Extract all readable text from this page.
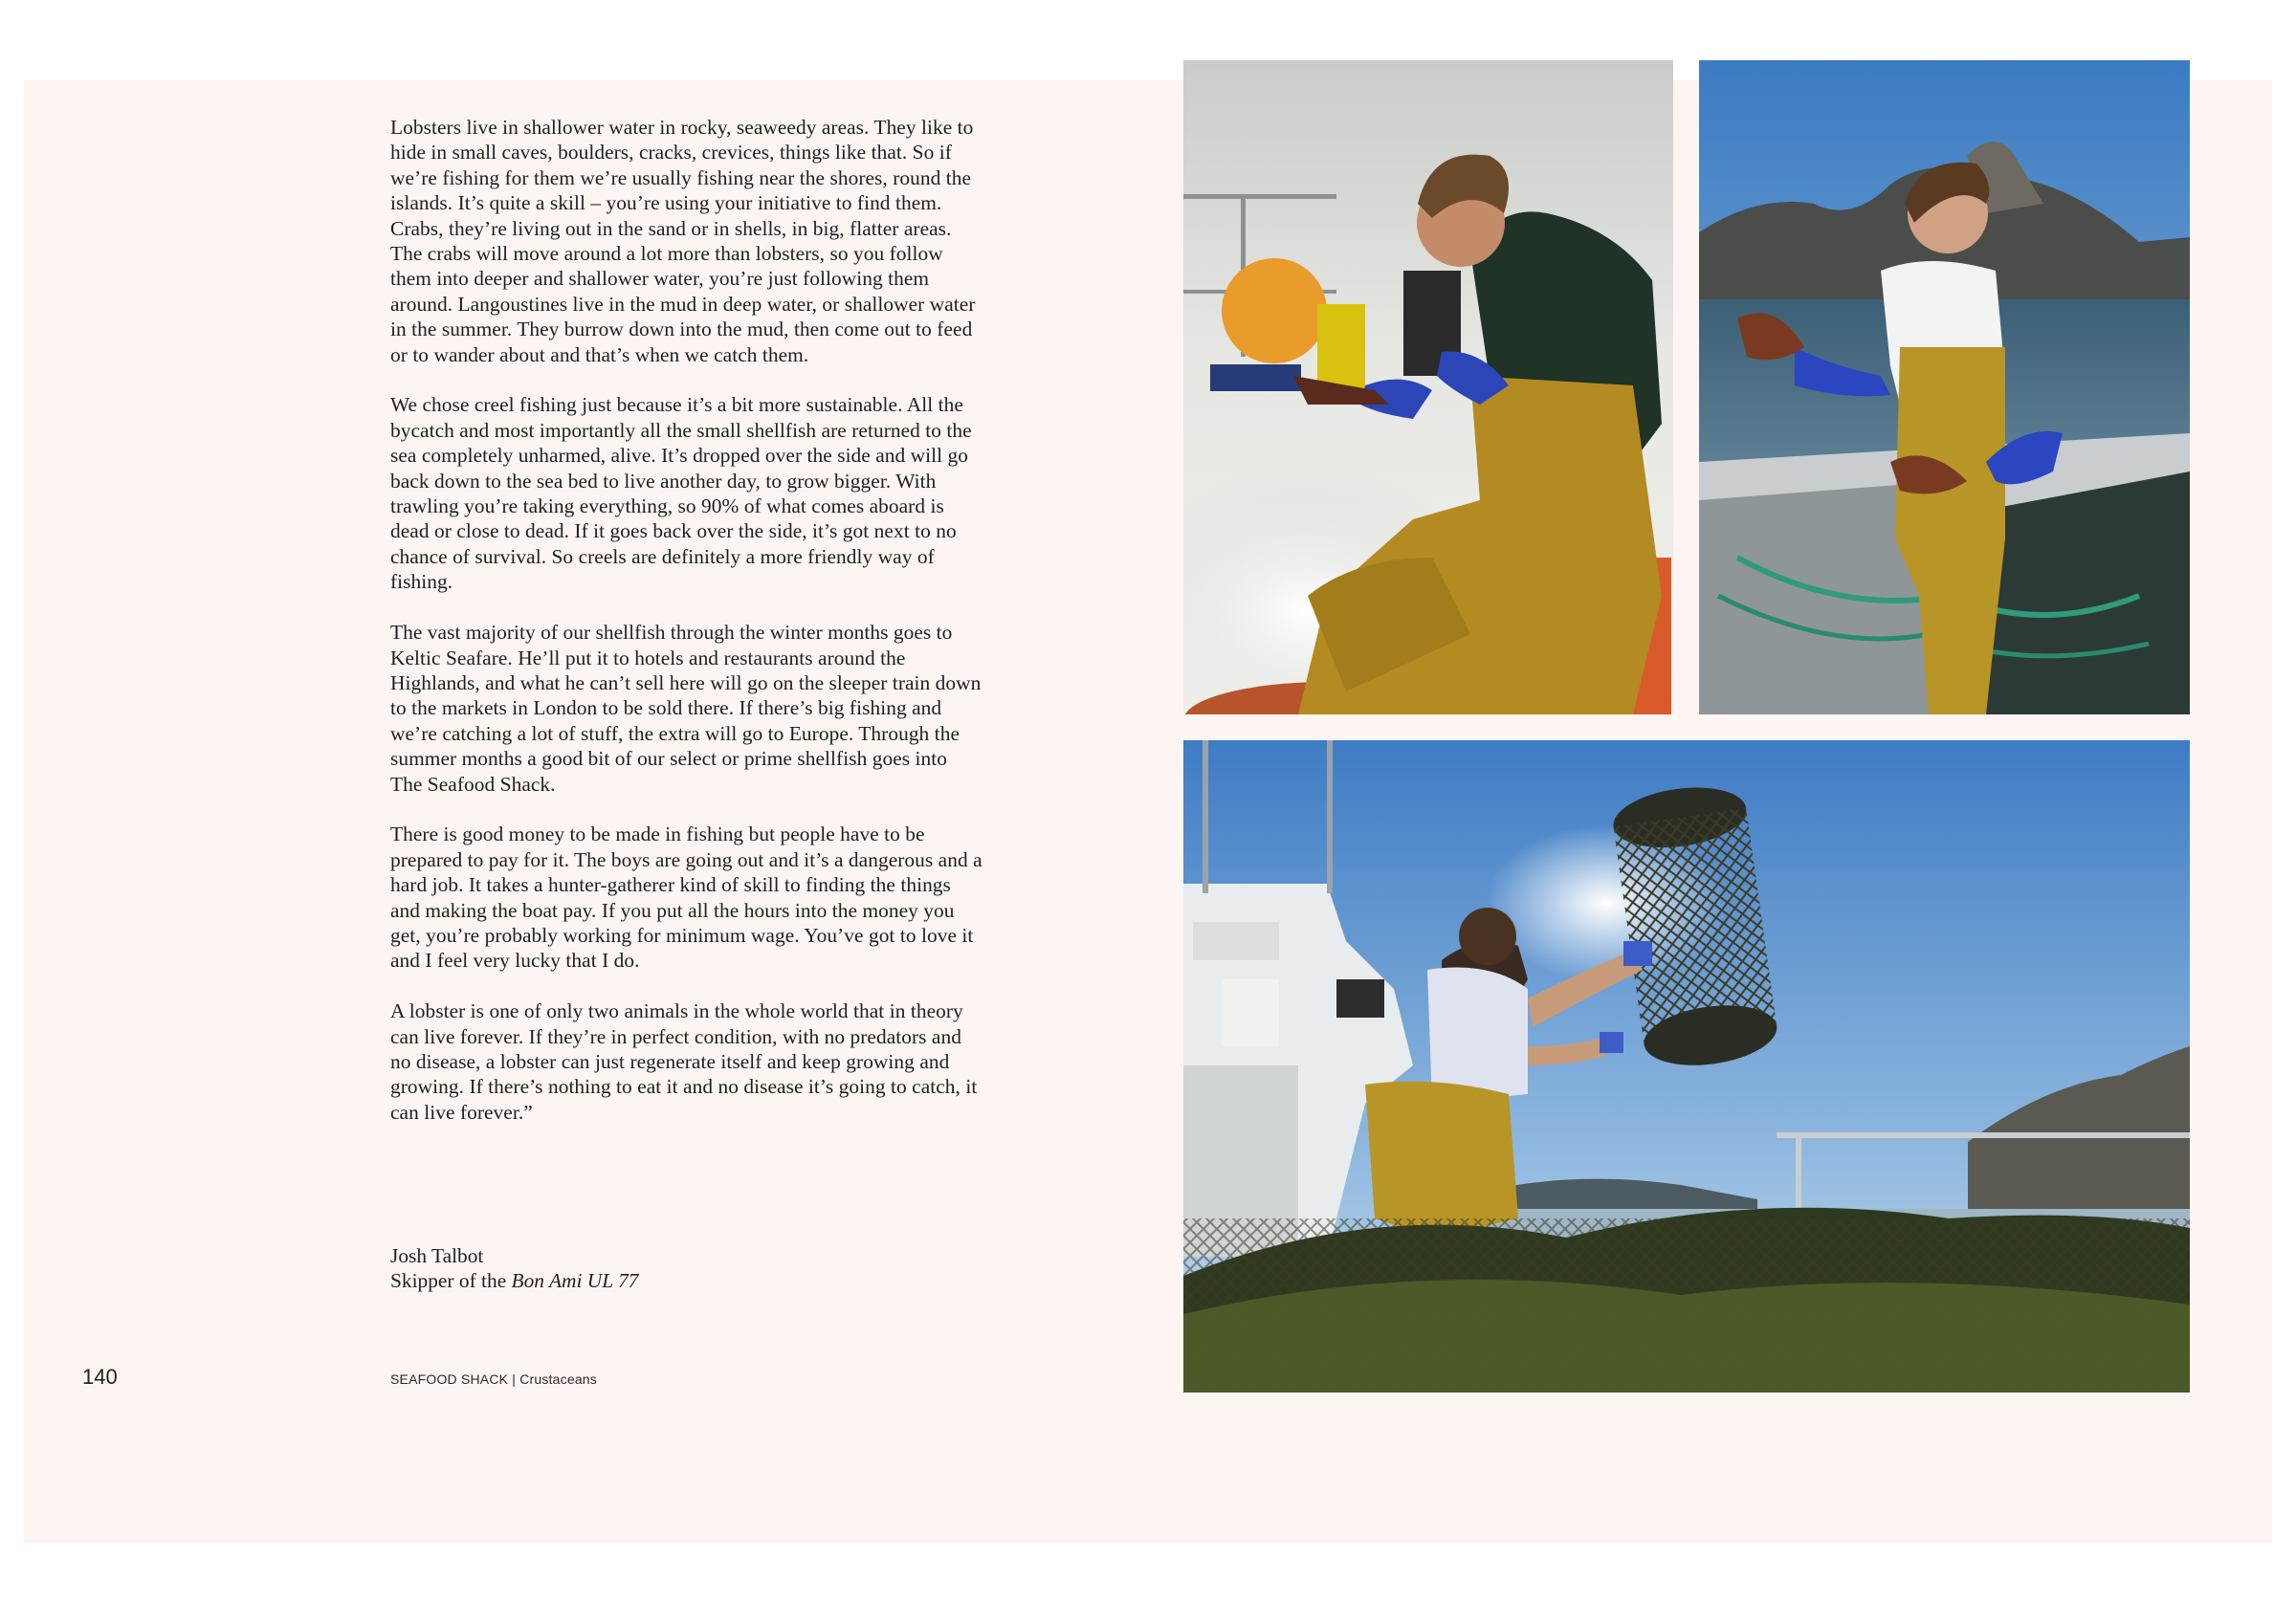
Lobsters live in shallower water in rocky, seaweedy areas. They like to hide in small caves, boulders, cracks, crevices, things like that. So if we’re fishing for them we’re usually fishing near the shores, round the islands. It’s quite a skill – you’re using your initiative to find them. Crabs, they’re living out in the sand or in shells, in big, flatter areas. The crabs will move around a lot more than lobsters, so you follow them into deeper and shallower water, you’re just following them around. Langoustines live in the mud in deep water, or shallower water in the summer. They burrow down into the mud, then come out to feed or to wander about and that’s when we catch them.

We chose creel fishing just because it’s a bit more sustainable. All the bycatch and most importantly all the small shellfish are returned to the sea completely unharmed, alive. It’s dropped over the side and will go back down to the sea bed to live another day, to grow bigger. With trawling you’re taking everything, so 90% of what comes aboard is dead or close to dead. If it goes back over the side, it’s got next to no chance of survival. So creels are definitely a more friendly way of fishing.

The vast majority of our shellfish through the winter months goes to Keltic Seafare. He’ll put it to hotels and restaurants around the Highlands, and what he can’t sell here will go on the sleeper train down to the markets in London to be sold there. If there’s big fishing and we’re catching a lot of stuff, the extra will go to Europe. Through the summer months a good bit of our select or prime shellfish goes into The Seafood Shack.

There is good money to be made in fishing but people have to be prepared to pay for it. The boys are going out and it’s a dangerous and a hard job. It takes a hunter-gatherer kind of skill to finding the things and making the boat pay. If you put all the hours into the money you get, you’re probably working for minimum wage. You’ve got to love it and I feel very lucky that I do.

A lobster is one of only two animals in the whole world that in theory can live forever. If they’re in perfect condition, with no predators and no disease, a lobster can just regenerate itself and keep growing and growing. If there’s nothing to eat it and no disease it’s going to catch, it can live forever.”

Josh Talbot
Skipper of the Bon Ami UL 77
140	SEAFOOD SHACK | Crustaceans
